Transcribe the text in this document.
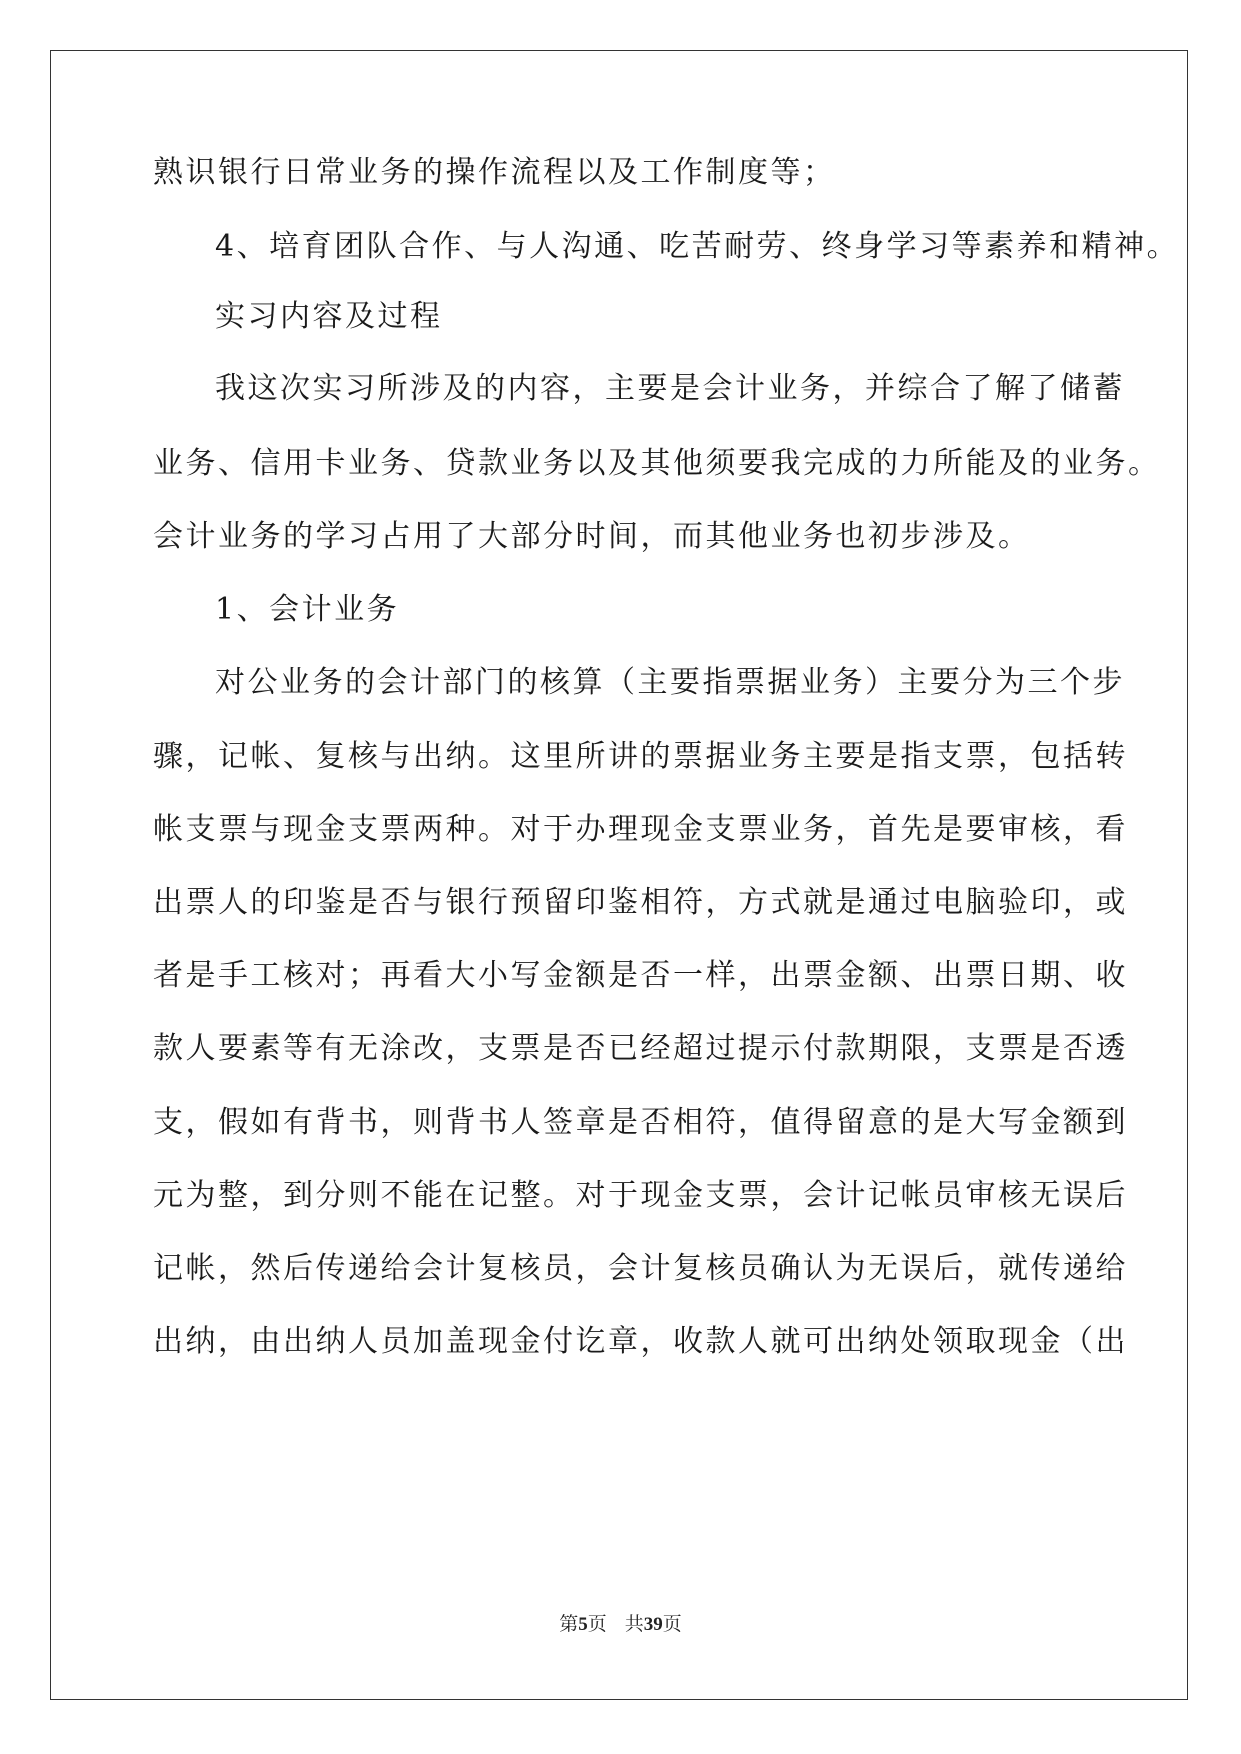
熟识银行日常业务的操作流程以及工作制度等；
4、培育团队合作、与人沟通、吃苦耐劳、终身学习等素养和精神。
实习内容及过程
我这次实习所涉及的内容，主要是会计业务，并综合了解了储蓄
业务、信用卡业务、贷款业务以及其他须要我完成的力所能及的业务。
会计业务的学习占用了大部分时间，而其他业务也初步涉及。
1、会计业务
对公业务的会计部门的核算（主要指票据业务）主要分为三个步
骤，记帐、复核与出纳。这里所讲的票据业务主要是指支票，包括转
帐支票与现金支票两种。对于办理现金支票业务，首先是要审核，看
出票人的印鉴是否与银行预留印鉴相符，方式就是通过电脑验印，或
者是手工核对；再看大小写金额是否一样，出票金额、出票日期、收
款人要素等有无涂改，支票是否已经超过提示付款期限，支票是否透
支，假如有背书，则背书人签章是否相符，值得留意的是大写金额到
元为整，到分则不能在记整。对于现金支票，会计记帐员审核无误后
记帐，然后传递给会计复核员，会计复核员确认为无误后，就传递给
出纳，由出纳人员加盖现金付讫章，收款人就可出纳处领取现金（出
第5页 共39页
